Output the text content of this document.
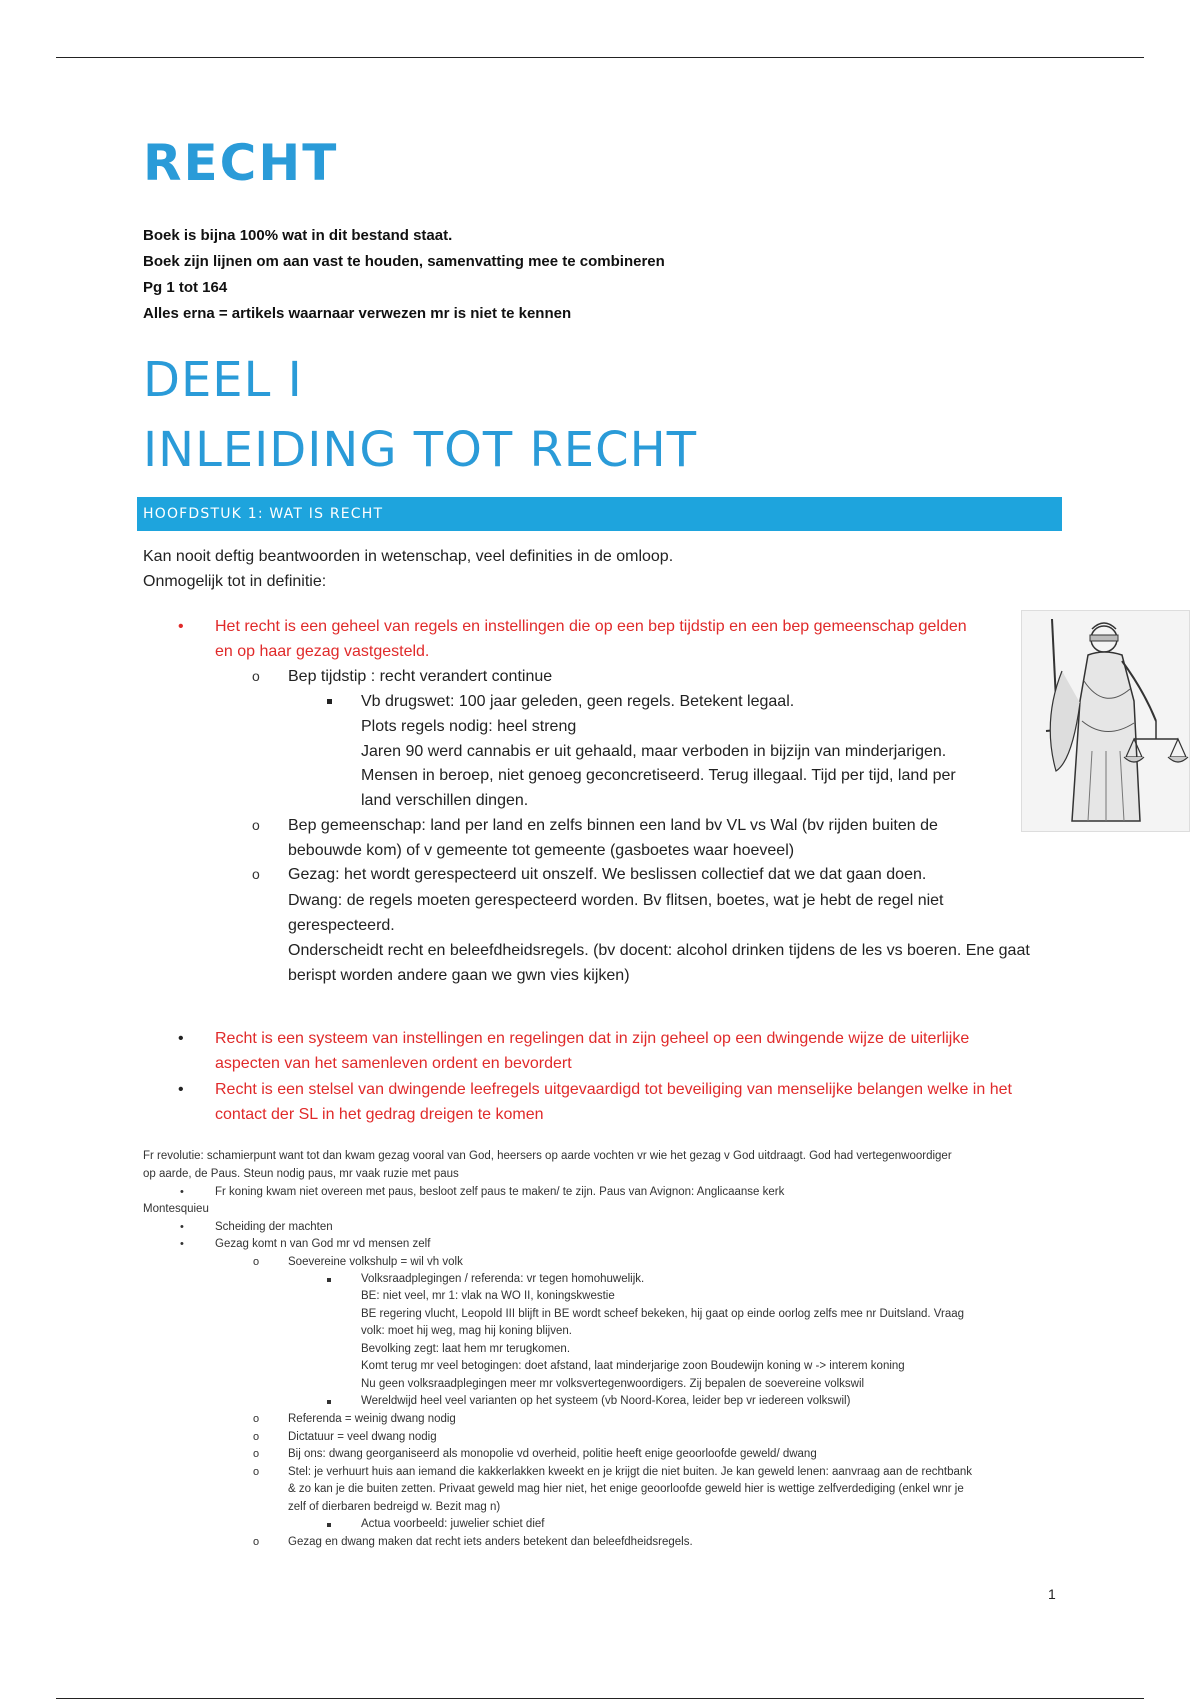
RECHT
Boek is bijna 100% wat in dit bestand staat.
Boek zijn lijnen om aan vast te houden, samenvatting mee te combineren
Pg 1 tot 164
Alles erna = artikels waarnaar verwezen mr is niet te kennen
DEEL I
INLEIDING TOT RECHT
HOOFDSTUK 1: WAT IS RECHT
Kan nooit deftig beantwoorden in wetenschap, veel definities in de omloop.
Onmogelijk tot in definitie:
• Het recht is een geheel van regels en instellingen die op een bep tijdstip en een bep gemeenschap gelden
en op haar gezag vastgesteld.
o Bep tijdstip : recht verandert continue
Vb drugswet: 100 jaar geleden, geen regels. Betekent legaal.
Plots regels nodig: heel streng
Jaren 90 werd cannabis er uit gehaald, maar verboden in bijzijn van minderjarigen.
Mensen in beroep, niet genoeg geconcretiseerd. Terug illegaal. Tijd per tijd, land per
land verschillen dingen.
o Bep gemeenschap: land per land en zelfs binnen een land bv VL vs Wal (bv rijden buiten de
bebouwde kom) of v gemeente tot gemeente (gasboetes waar hoeveel)
o Gezag: het wordt gerespecteerd uit onszelf. We beslissen collectief dat we dat gaan doen.
Dwang: de regels moeten gerespecteerd worden. Bv flitsen, boetes, wat je hebt de regel niet
gerespecteerd.
Onderscheidt recht en beleefdheidsregels. (bv docent: alcohol drinken tijdens de les vs boeren. Ene gaat
berispt worden andere gaan we gwn vies kijken)
• Recht is een systeem van instellingen en regelingen dat in zijn geheel op een dwingende wijze de uiterlijke
aspecten van het samenleven ordent en bevordert
• Recht is een stelsel van dwingende leefregels uitgevaardigd tot beveiliging van menselijke belangen welke in het
contact der SL in het gedrag dreigen te komen
Fr revolutie: schamierpunt want tot dan kwam gezag vooral van God, heersers op aarde vochten vr wie het gezag v God uitdraagt. God had vertegenwoordiger
op aarde, de Paus. Steun nodig paus, mr vaak ruzie met paus
•	Fr koning kwam niet overeen met paus, besloot zelf paus te maken/ te zijn. Paus van Avignon: Anglicaanse kerk
Montesquieu
•	Scheiding der machten
•	Gezag komt n van God mr vd mensen zelf
o	Soevereine volkshulp = wil vh volk
Volksraadplegingen / referenda: vr tegen homohuwelijk.
BE: niet veel, mr 1: vlak na WO II, koningskwestie
BE regering vlucht, Leopold III blijft in BE wordt scheef bekeken, hij gaat op einde oorlog zelfs mee nr Duitsland. Vraag
volk: moet hij weg, mag hij koning blijven.
Bevolking zegt: laat hem mr terugkomen.
Komt terug mr veel betogingen: doet afstand, laat minderjarige zoon Boudewijn koning w -> interem koning
Nu geen volksraadplegingen meer mr volksvertegenwoordigers. Zij bepalen de soevereine volkswil
Wereldwijd heel veel varianten op het systeem (vb Noord-Korea, leider bep vr iedereen volkswil)
o	Referenda = weinig dwang nodig
o	Dictatuur = veel dwang nodig
o	Bij ons: dwang georganiseerd als monopolie vd overheid, politie heeft enige geoorloofde geweld/ dwang
o	Stel: je verhuurt huis aan iemand die kakkerlakken kweekt en je krijgt die niet buiten. Je kan geweld lenen: aanvraag aan de rechtbank
& zo kan je die buiten zetten. Privaat geweld mag hier niet, het enige geoorloofde geweld hier is wettige zelfverdediging (enkel wnr je
zelf of dierbaren bedreigd w. Bezit mag n)
Actua voorbeeld: juwelier schiet dief
o	Gezag en dwang maken dat recht iets anders betekent dan beleefdheidsregels.
1
